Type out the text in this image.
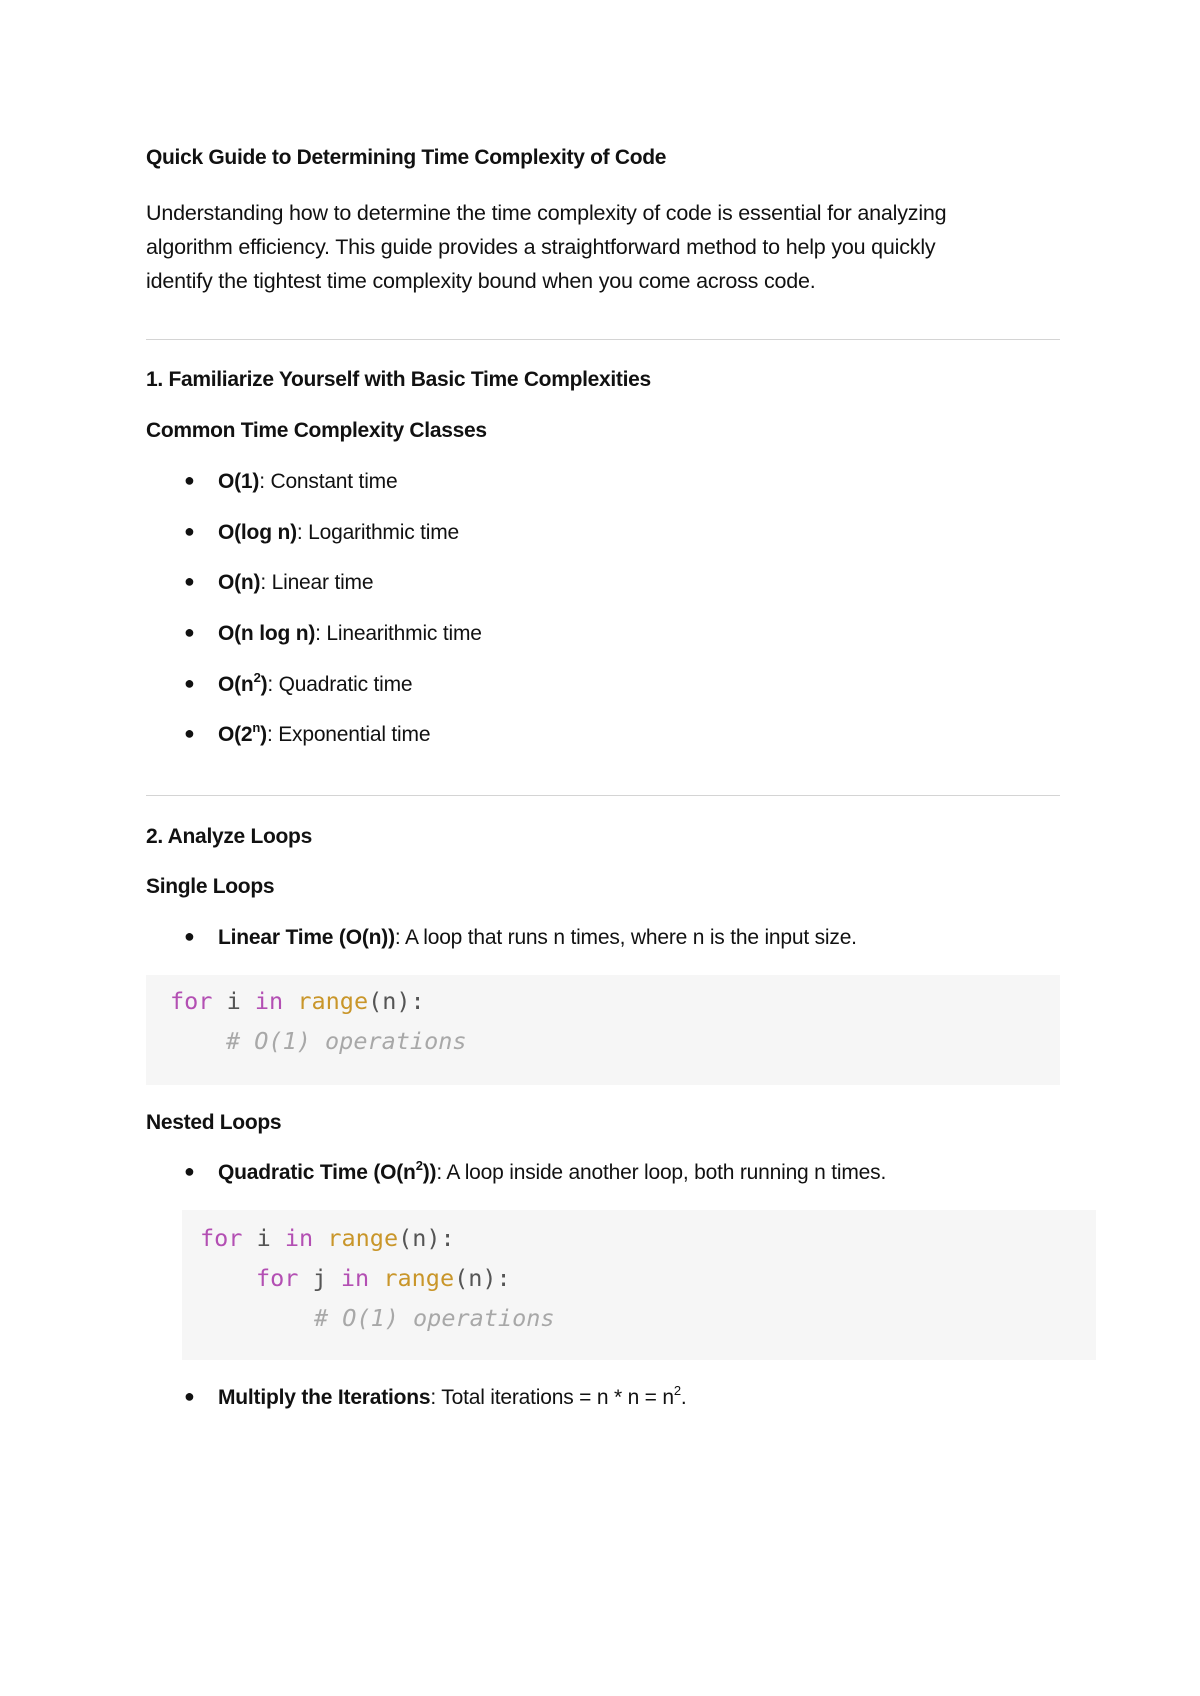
Quick Guide to Determining Time Complexity of Code
Understanding how to determine the time complexity of code is essential for analyzing
algorithm efficiency. This guide provides a straightforward method to help you quickly
identify the tightest time complexity bound when you come across code.
1. Familiarize Yourself with Basic Time Complexities
Common Time Complexity Classes
● O(1): Constant time
● O(log n): Logarithmic time
● O(n): Linear time
● O(n log n): Linearithmic time
● $O(n^2)$: Quadratic time
● O(2$^n$): Exponential time
2. Analyze Loops
Single Loops
● Linear Time (O(n)): A loop that runs n times, where n is the input size.
for i in range(n):
# O(1) operations
Nested Loops
● Quadratic Time $(O(n^2))$: A loop inside another loop, both running n times.
for i in range(n):
for j in range(n):
# O(1) operations
● Multiply the Iterations: Total iterations = $n * n = n^2$.
